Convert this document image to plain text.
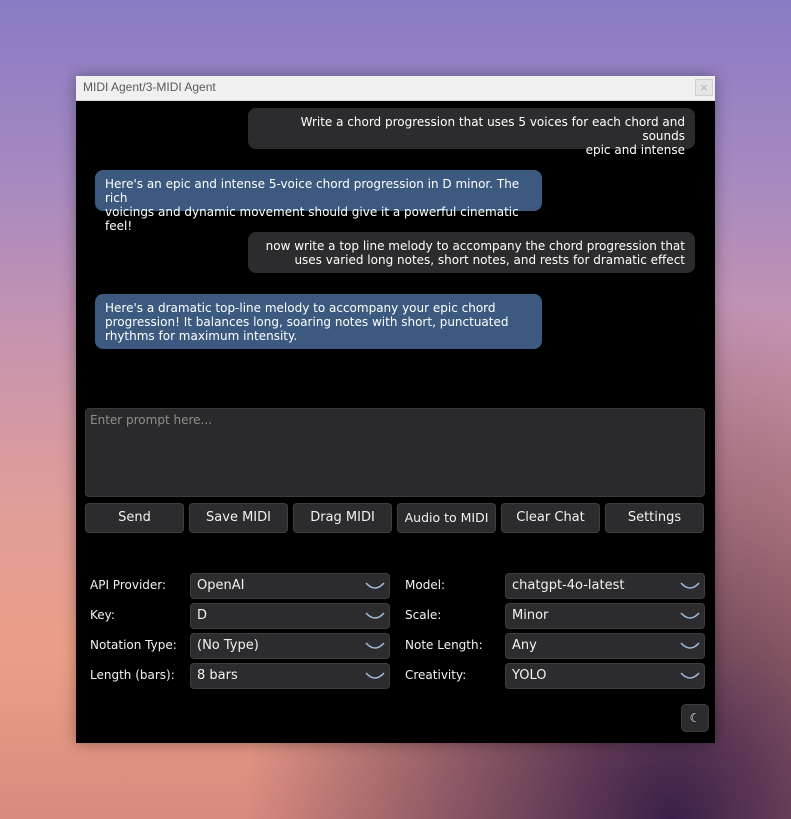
MIDI Agent/3-MIDI Agent	×
Write a chord progression that uses 5 voices for each chord and sounds
epic and intense
Here's an epic and intense 5-voice chord progression in D minor. The rich
voicings and dynamic movement should give it a powerful cinematic feel!
now write a top line melody to accompany the chord progression that
uses varied long notes, short notes, and rests for dramatic effect
Here's a dramatic top-line melody to accompany your epic chord
progression! It balances long, soaring notes with short, punctuated
rhythms for maximum intensity.
Enter prompt here...
Send	Save MIDI	Drag MIDI	Audio to MIDI	Clear Chat	Settings
API Provider:	OpenAI	Model:	chatgpt-4o-latest
Key:	D	Scale:	Minor
Notation Type:	(No Type)	Note Length:	Any
Length (bars):	8 bars	Creativity:	YOLO
☾
